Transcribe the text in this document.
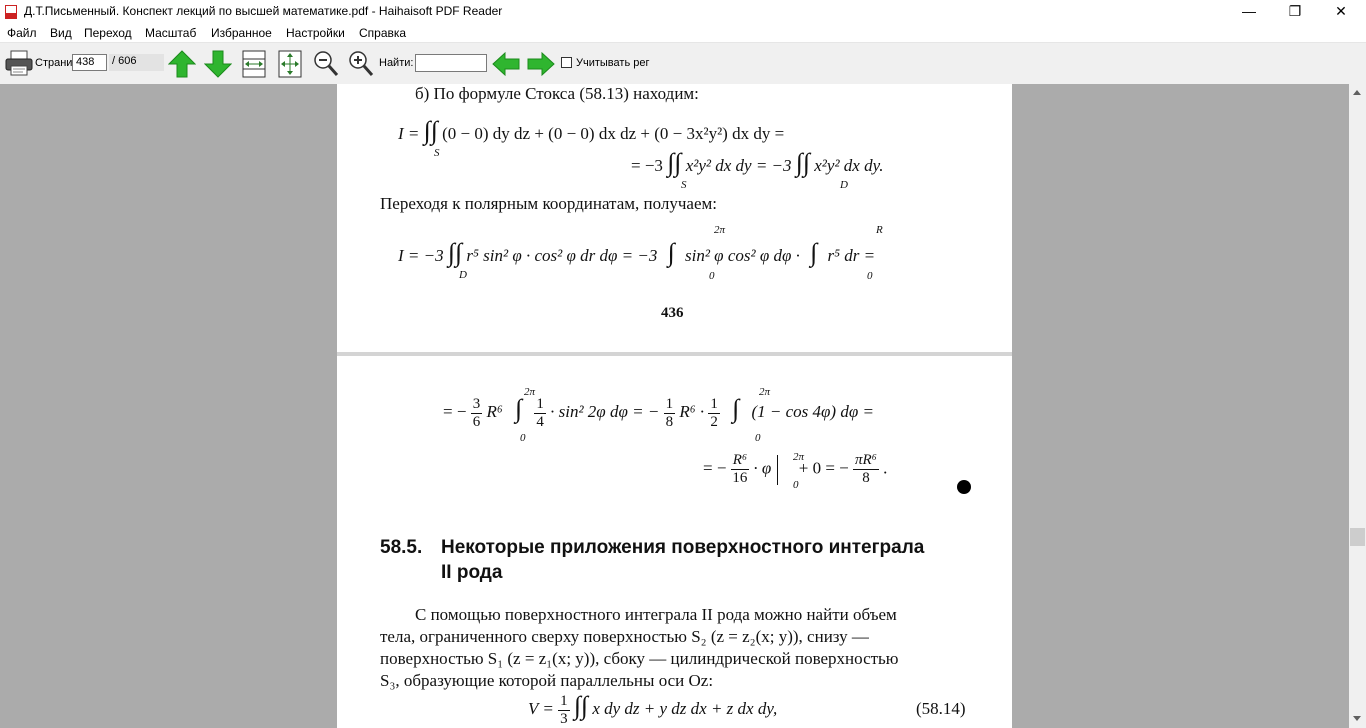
Д.Т.Письменный. Конспект лекций по высшей математике.pdf - Haihaisoft PDF Reader	—	❐	✕
Файл Вид Переход Масштаб Избранное Настройки Справка
Страни 438	/ 606	Найти:	Учитывать рег
б) По формуле Стокса (58.13) находим:
I = ∫∫ (0 − 0) dy dz + (0 − 0) dx dz + (0 − 3x²y²) dx dy =
S
= −3 ∫∫ x²y² dx dy = −3 ∫∫ x²y² dx dy.
S	D
Переходя к полярным координатам, получаем:
I = −3 ∫∫ r⁵ sin² φ · cos² φ dr dφ = −3 ∫ sin² φ cos² φ dφ · ∫ r⁵ dr =
D
2π
0
R
0
436
= − $\frac{3}{6} R^6$ ∫ $\frac{1}{4} \cdot \sin^2$ 2φ dφ = − $\frac{1}{8} R^6 \cdot \frac{1}{2}$ ∫ (1 − cos 4φ) dφ =
2π
0
2π
0
= − $\frac{\text{R⁶}}{16} \cdot \varphi + 0$ = − $\frac{\text{πR⁶}}{8}$ .
2π
0
58.5. Некоторые приложения поверхностного интеграла
II рода
С помощью поверхностного интеграла II рода можно найти объем
тела, ограниченного сверху поверхностью S₂ (z = z₂(x; y)), снизу —
поверхностью S₁ (z = z₁(x; y)), сбоку — цилиндрической поверхностью
S₃, образующие которой параллельны оси Oz:
$V = \frac{1}{3}$ ∫∫ x dy dz + y dz dx + z dx dy,	(58.14)
